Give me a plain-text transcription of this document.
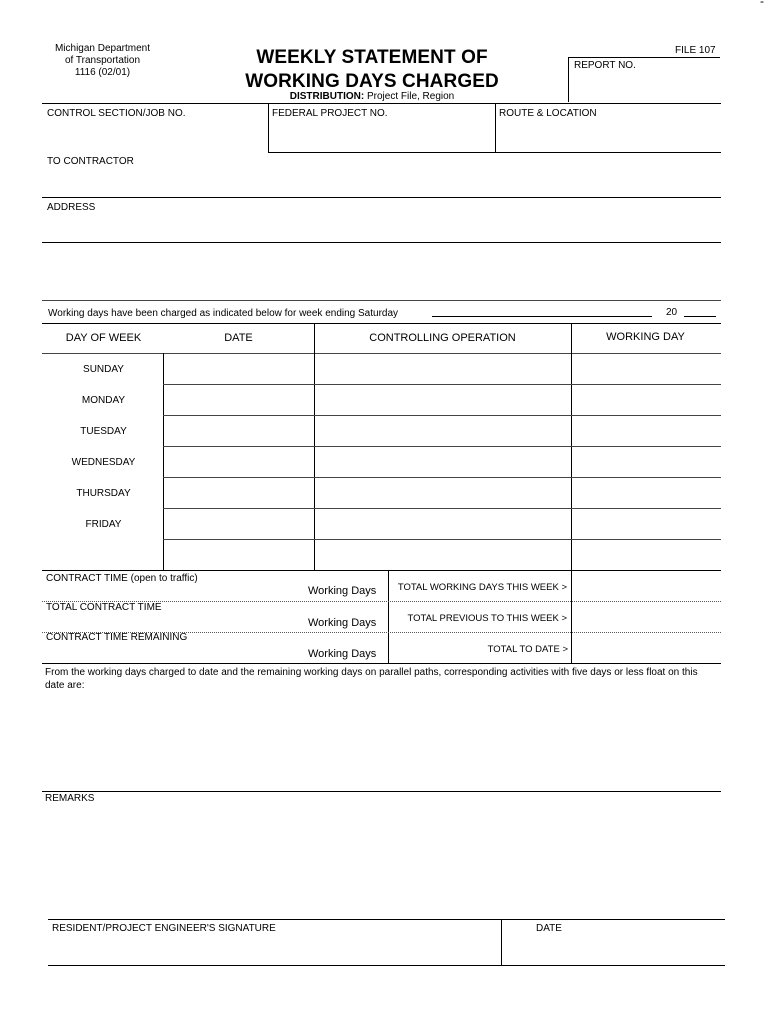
-
Michigan Department
of Transportation
1116 (02/01)
WEEKLY STATEMENT OF
WORKING DAYS CHARGED
DISTRIBUTION: Project File, Region
FILE 107
REPORT NO.
CONTROL SECTION/JOB NO.	FEDERAL PROJECT NO.	ROUTE & LOCATION
TO CONTRACTOR
ADDRESS
Working days have been charged as indicated below for week ending Saturday	20
DAY OF WEEK	DATE	CONTROLLING OPERATION	WORKING DAY
SUNDAY
MONDAY
TUESDAY
WEDNESDAY
THURSDAY
FRIDAY
CONTRACT TIME (open to traffic)
Working Days	TOTAL WORKING DAYS THIS WEEK >
TOTAL CONTRACT TIME
Working Days	TOTAL PREVIOUS TO THIS WEEK >
CONTRACT TIME REMAINING
Working Days	TOTAL TO DATE >
From the working days charged to date and the remaining working days on parallel paths, corresponding activities with five days or less float on this date are:
REMARKS
RESIDENT/PROJECT ENGINEER'S SIGNATURE	DATE
